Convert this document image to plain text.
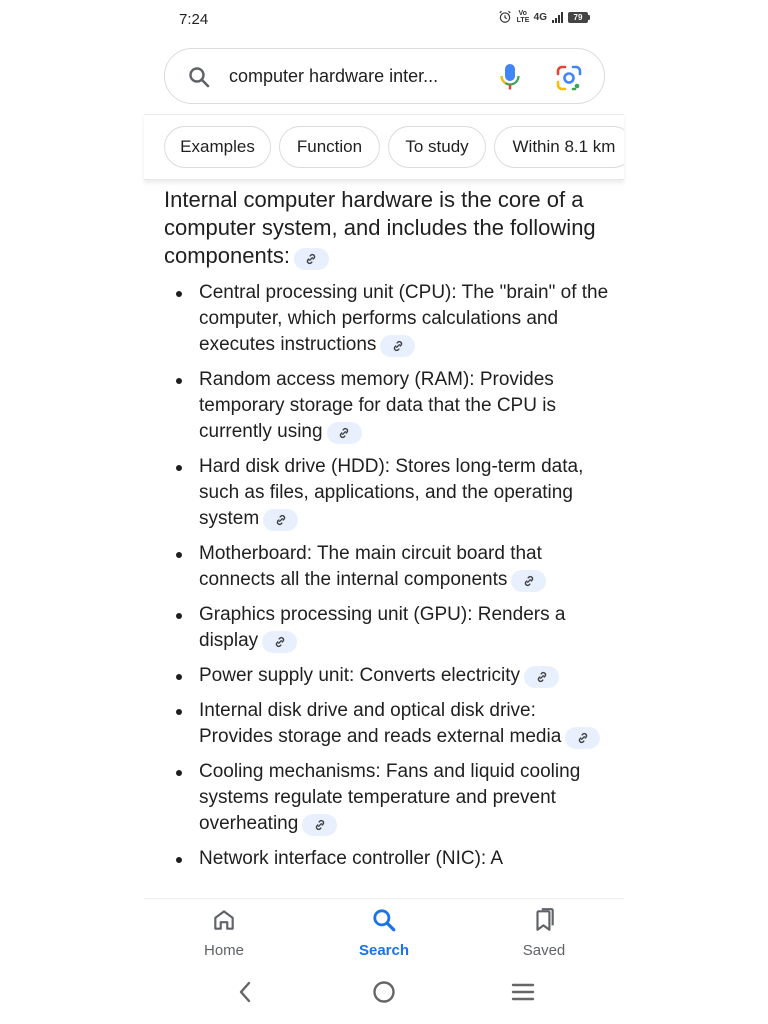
7:24	Vo LTE 4G	79
computer hardware inter...
Examples	Function	To study	Within 8.1 km

Internal computer hardware is the core of a computer system, and includes the following components:

Central processing unit (CPU): The "brain" of the computer, which performs calculations and executes instructions
Random access memory (RAM): Provides temporary storage for data that the CPU is currently using
Hard disk drive (HDD): Stores long-term data, such as files, applications, and the operating system
Motherboard: The main circuit board that connects all the internal components
Graphics processing unit (GPU): Renders a display
Power supply unit: Converts electricity
Internal disk drive and optical disk drive: Provides storage and reads external media
Cooling mechanisms: Fans and liquid cooling systems regulate temperature and prevent overheating
Network interface controller (NIC): A
Home	Search	Saved
